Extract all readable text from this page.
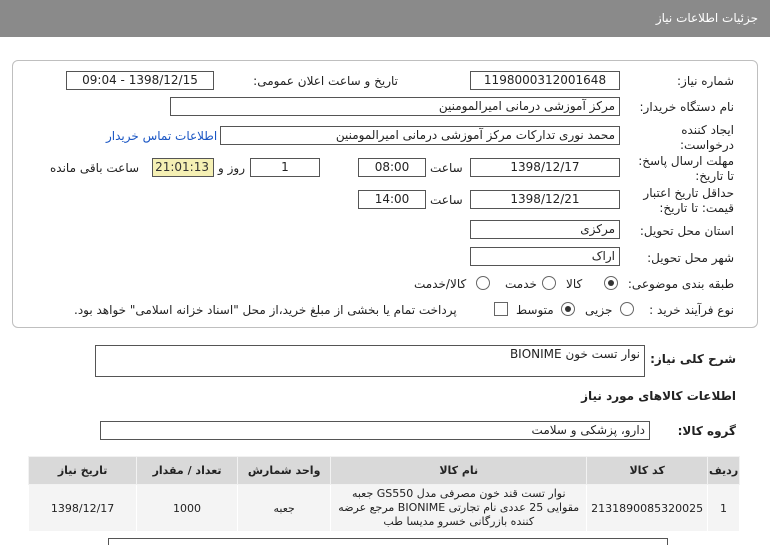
جزئیات اطلاعات نیاز
شماره نیاز:
1198000312001648
تاریخ و ساعت اعلان عمومی:
1398/12/15 - 09:04
نام دستگاه خریدار:
مرکز آموزشی درمانی امیرالمومنین
ایجاد کننده
درخواست:
محمد نوری تدارکات مرکز آموزشی درمانی امیرالمومنین
اطلاعات تماس خریدار
مهلت ارسال پاسخ:
تا تاریخ:
1398/12/17
ساعت
08:00
1
روز و
21:01:13
ساعت باقی مانده
حداقل تاریخ اعتبار
قیمت: تا تاریخ:
1398/12/21
ساعت
14:00
استان محل تحویل:
مرکزی
شهر محل تحویل:
اراک
طبقه بندی موضوعی:
کالا
خدمت
کالا/خدمت
نوع فرآیند خرید :
جزیی
متوسط
پرداخت تمام یا بخشی از مبلغ خرید،از محل "اسناد خزانه اسلامی" خواهد بود.
شرح کلی نیاز:
نوار تست خون BIONIME
اطلاعات کالاهای مورد نیاز
گروه کالا:
دارو، پزشکی و سلامت
ردیف	کد کالا	نام کالا	واحد شمارش	تعداد / مقدار	تاریخ نیاز
1	2131890085320025	نوار تست قند خون مصرفی مدل GS550 جعبه مقوایی 25 عددی نام تجارتی BIONIME مرجع عرضه کننده بازرگانی خسرو مدیسا طب	جعبه	1000	1398/12/17
